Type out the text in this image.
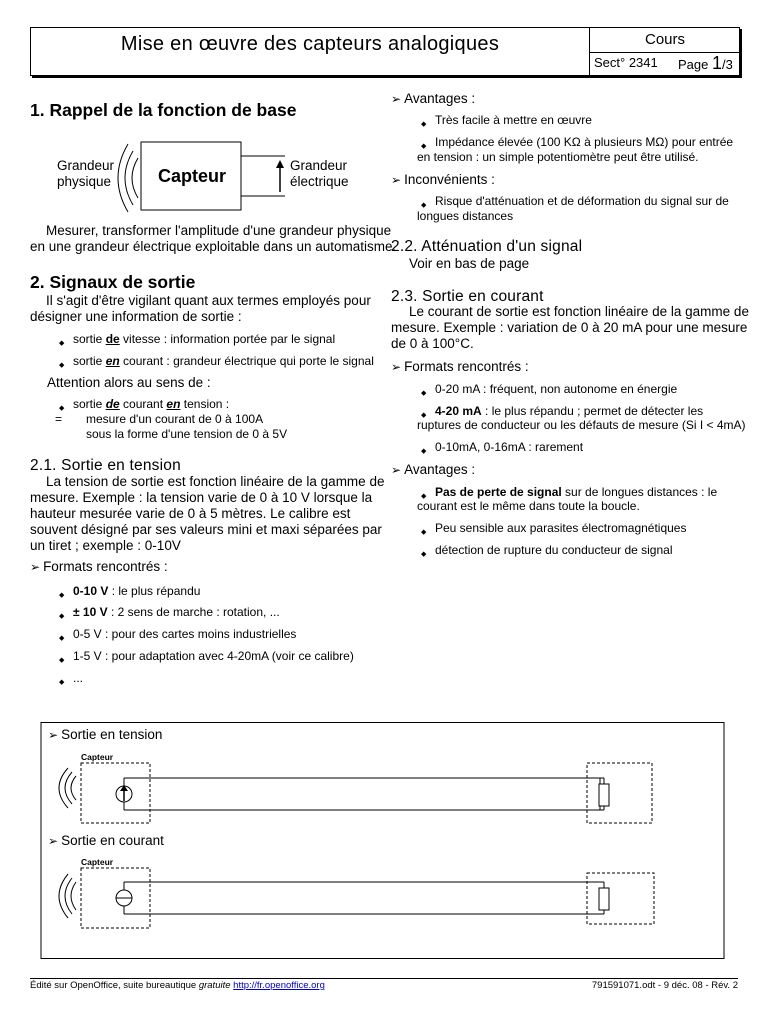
Mise en œuvre des capteurs analogiques	Cours
Sect° 2341 Page 1/3
1. Rappel de la fonction de base
Grandeur
physique	Capteur
Grandeur
électrique
Mesurer, transformer l'amplitude d'une grandeur physique
en une grandeur électrique exploitable dans un automatisme.
2. Signaux de sortie
Il s'agit d'être vigilant quant aux termes employés pour
désigner une information de sortie :
◆ sortie de vitesse : information portée par le signal
◆ sortie en courant : grandeur électrique qui porte le signal
Attention alors au sens de :
◆ sortie de courant en tension :
= mesure d'un courant de 0 à 100A
sous la forme d'une tension de 0 à 5V
2.1. Sortie en tension
La tension de sortie est fonction linéaire de la gamme de
mesure. Exemple : la tension varie de 0 à 10 V lorsque la
hauteur mesurée varie de 0 à 5 mètres. Le calibre est
souvent désigné par ses valeurs mini et maxi séparées par
un tiret ; exemple : 0-10V
➢ Formats rencontrés :
◆ 0-10 V : le plus répandu
◆ ± 10 V : 2 sens de marche : rotation, ...
◆ 0-5 V : pour des cartes moins industrielles
◆ 1-5 V : pour adaptation avec 4-20mA (voir ce calibre)
◆ ...
➢ Avantages :
◆ Très facile à mettre en œuvre
◆ Impédance élevée (100 KΩ à plusieurs MΩ) pour entrée
en tension : un simple potentiomètre peut être utilisé.
➢ Inconvénients :
◆ Risque d'atténuation et de déformation du signal sur de
longues distances
2.2. Atténuation d'un signal
Voir en bas de page
2.3. Sortie en courant
Le courant de sortie est fonction linéaire de la gamme de
mesure. Exemple : variation de 0 à 20 mA pour une mesure
de 0 à 100°C.
➢ Formats rencontrés :
◆ 0-20 mA : fréquent, non autonome en énergie
◆ 4-20 mA : le plus répandu ; permet de détecter les
ruptures de conducteur ou les défauts de mesure (Si I < 4mA)
◆ 0-10mA, 0-16mA : rarement
➢ Avantages :
◆ Pas de perte de signal sur de longues distances : le
courant est le même dans toute la boucle.
◆ Peu sensible aux parasites électromagnétiques
◆ détection de rupture du conducteur de signal
➢ Sortie en tension
Capteur
➢ Sortie en courant
Capteur
Édité sur OpenOffice, suite bureautique gratuite http://fr.openoffice.org	791591071.odt - 9 déc. 08 - Rév. 2
